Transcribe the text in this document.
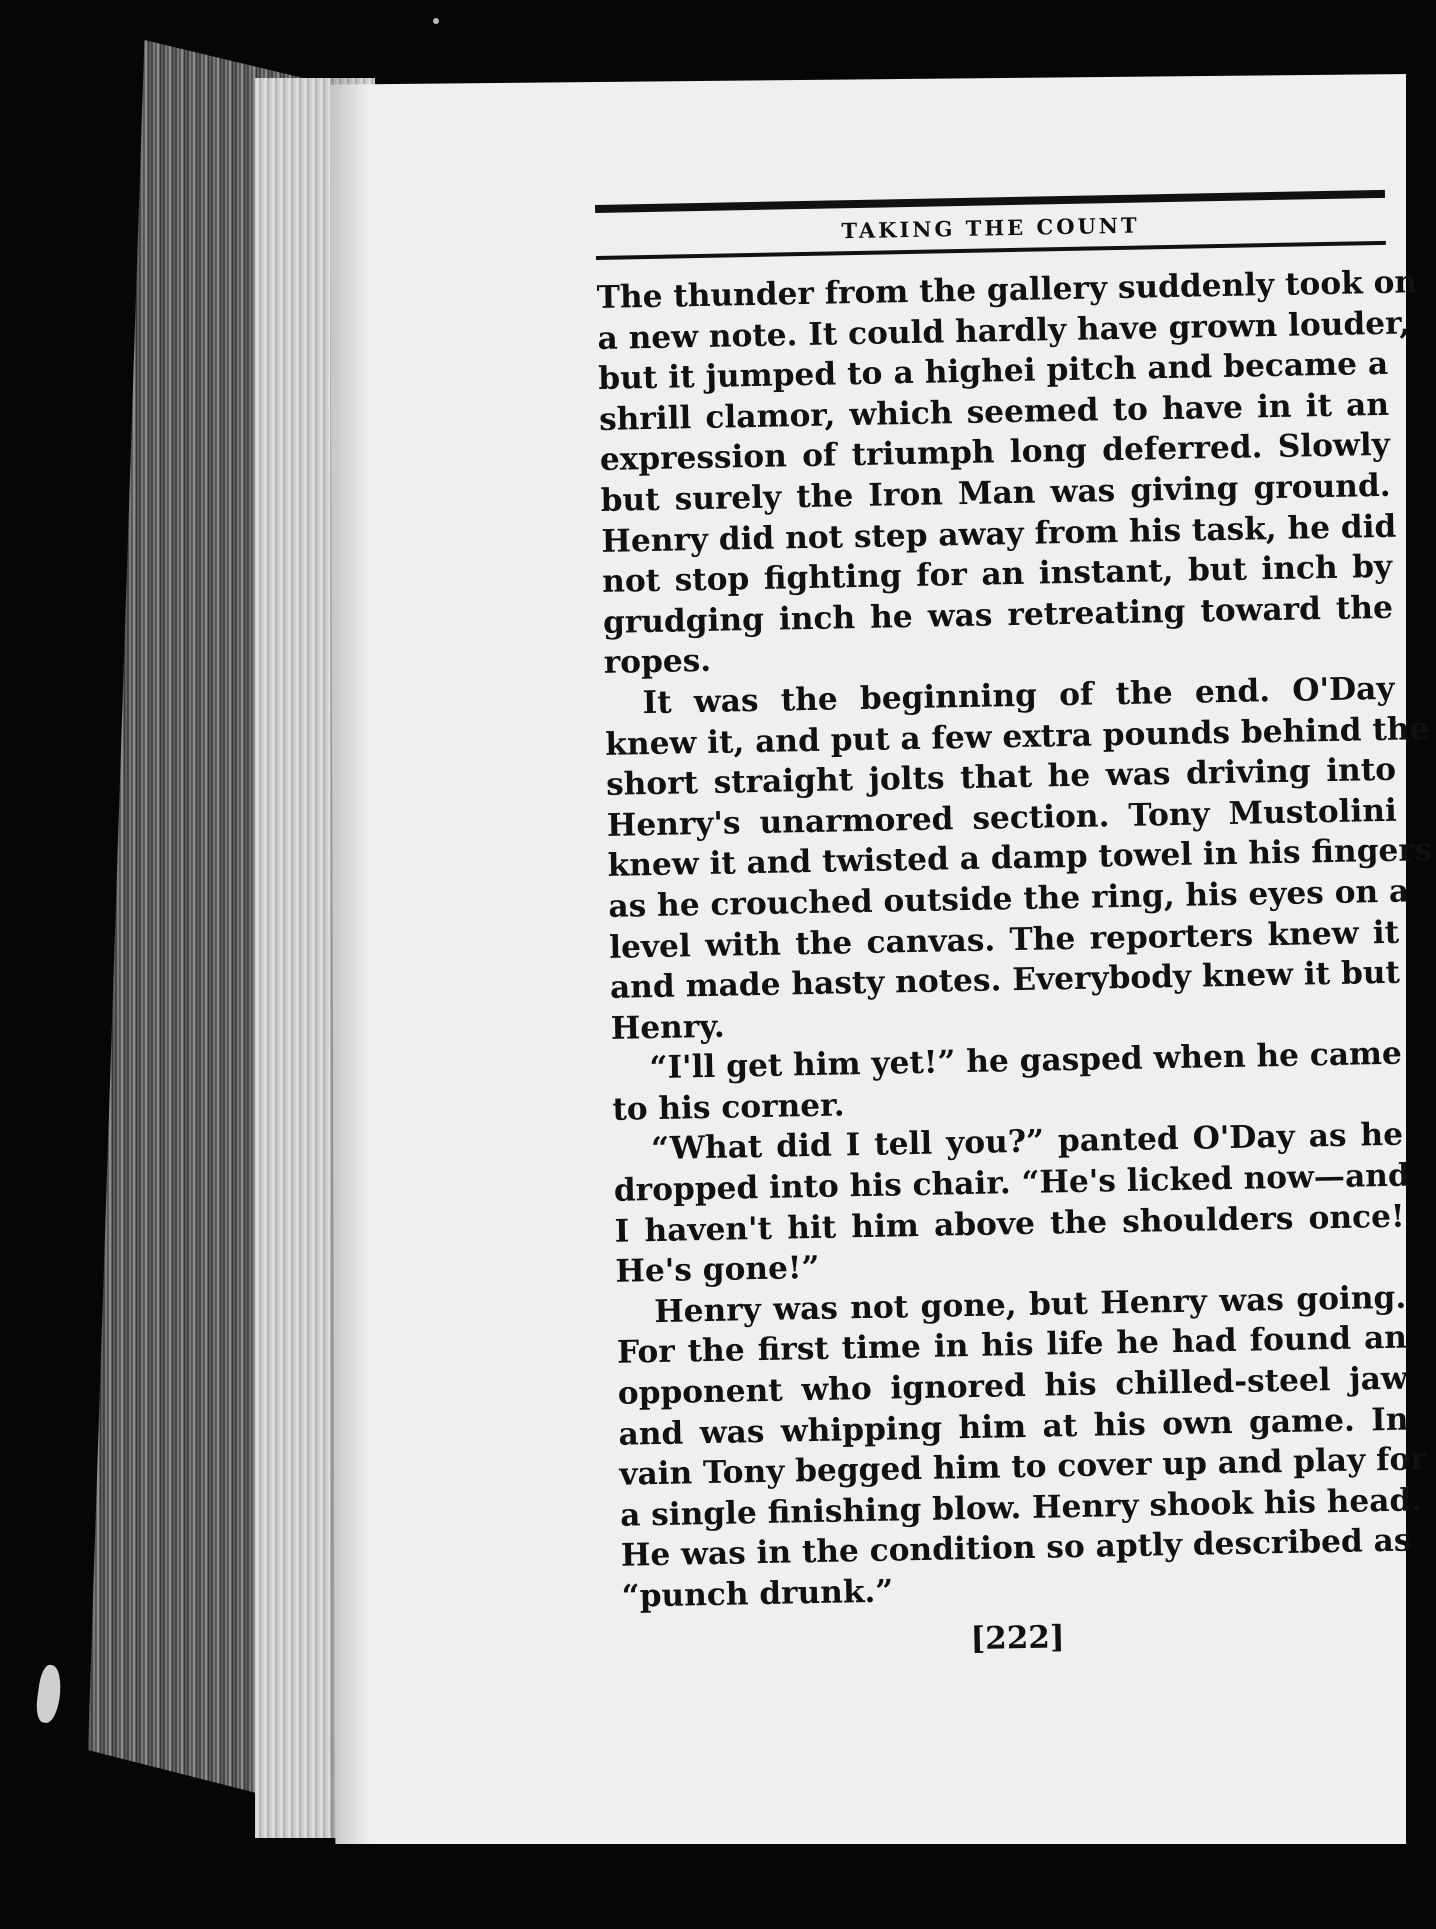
TAKING THE COUNT
The thunder from the gallery suddenly took on
a new note. It could hardly have grown louder,
but it jumped to a highei pitch and became a
shrill clamor, which seemed to have in it an
expression of triumph long deferred. Slowly
but surely the Iron Man was giving ground.
Henry did not step away from his task, he did
not stop fighting for an instant, but inch by
grudging inch he was retreating toward the
ropes.
It was the beginning of the end. O'Day
knew it, and put a few extra pounds behind the
short straight jolts that he was driving into
Henry's unarmored section. Tony Mustolini
knew it and twisted a damp towel in his fingers
as he crouched outside the ring, his eyes on a
level with the canvas. The reporters knew it
and made hasty notes. Everybody knew it but
Henry.
“I'll get him yet!” he gasped when he came
to his corner.
“What did I tell you?” panted O'Day as he
dropped into his chair. “He's licked now—and
I haven't hit him above the shoulders once!
He's gone!”
Henry was not gone, but Henry was going.
For the first time in his life he had found an
opponent who ignored his chilled-steel jaw
and was whipping him at his own game. In
vain Tony begged him to cover up and play for
a single finishing blow. Henry shook his head.
He was in the condition so aptly described as
“punch drunk.”
[222]
